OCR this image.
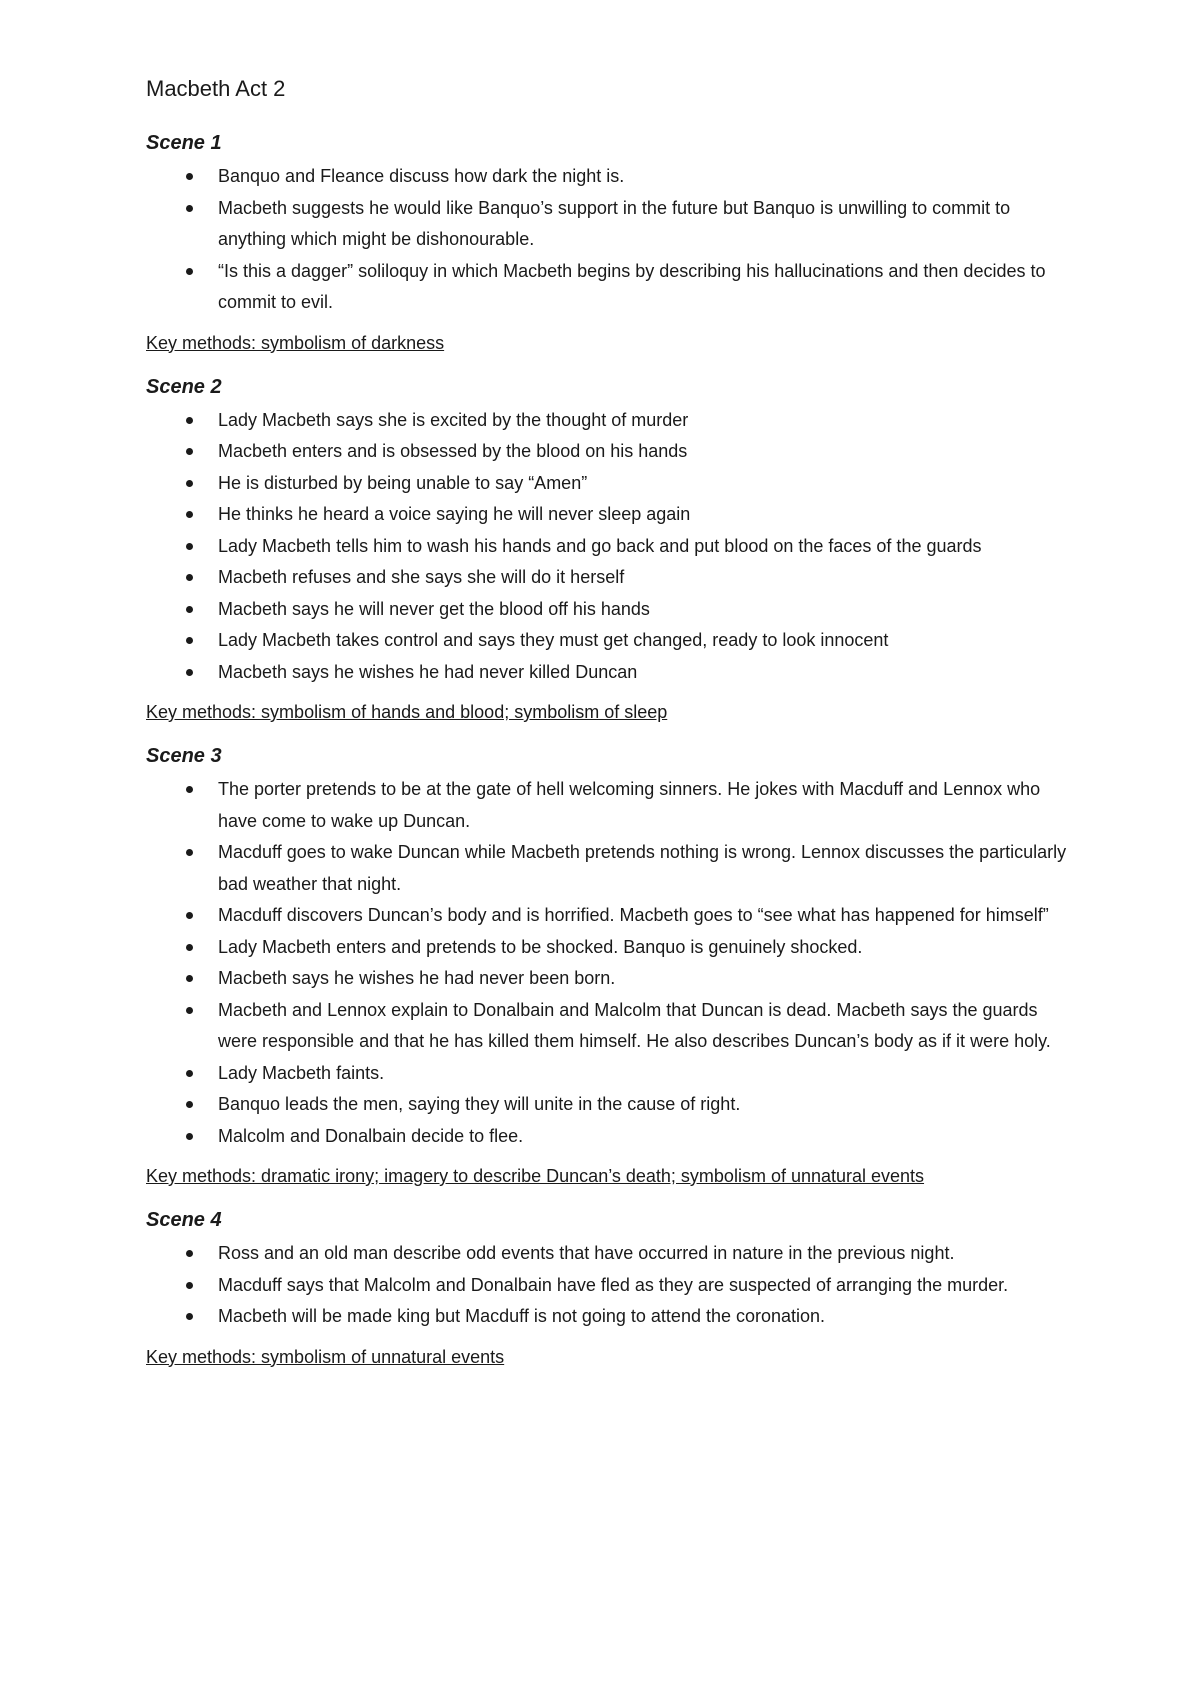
Macbeth Act 2
Scene 1
Banquo and Fleance discuss how dark the night is.
Macbeth suggests he would like Banquo’s support in the future but Banquo is unwilling to commit to anything which might be dishonourable.
“Is this a dagger” soliloquy in which Macbeth begins by describing his hallucinations and then decides to commit to evil.

Key methods: symbolism of darkness

Scene 2
Lady Macbeth says she is excited by the thought of murder
Macbeth enters and is obsessed by the blood on his hands
He is disturbed by being unable to say “Amen”
He thinks he heard a voice saying he will never sleep again
Lady Macbeth tells him to wash his hands and go back and put blood on the faces of the guards
Macbeth refuses and she says she will do it herself
Macbeth says he will never get the blood off his hands
Lady Macbeth takes control and says they must get changed, ready to look innocent
Macbeth says he wishes he had never killed Duncan

Key methods: symbolism of hands and blood; symbolism of sleep

Scene 3
The porter pretends to be at the gate of hell welcoming sinners. He jokes with Macduff and Lennox who have come to wake up Duncan.
Macduff goes to wake Duncan while Macbeth pretends nothing is wrong. Lennox discusses the particularly bad weather that night.
Macduff discovers Duncan’s body and is horrified. Macbeth goes to “see what has happened for himself”
Lady Macbeth enters and pretends to be shocked. Banquo is genuinely shocked.
Macbeth says he wishes he had never been born.
Macbeth and Lennox explain to Donalbain and Malcolm that Duncan is dead. Macbeth says the guards were responsible and that he has killed them himself. He also describes Duncan’s body as if it were holy.
Lady Macbeth faints.
Banquo leads the men, saying they will unite in the cause of right.
Malcolm and Donalbain decide to flee.

Key methods: dramatic irony; imagery to describe Duncan’s death; symbolism of unnatural events

Scene 4
Ross and an old man describe odd events that have occurred in nature in the previous night.
Macduff says that Malcolm and Donalbain have fled as they are suspected of arranging the murder.
Macbeth will be made king but Macduff is not going to attend the coronation.

Key methods: symbolism of unnatural events
